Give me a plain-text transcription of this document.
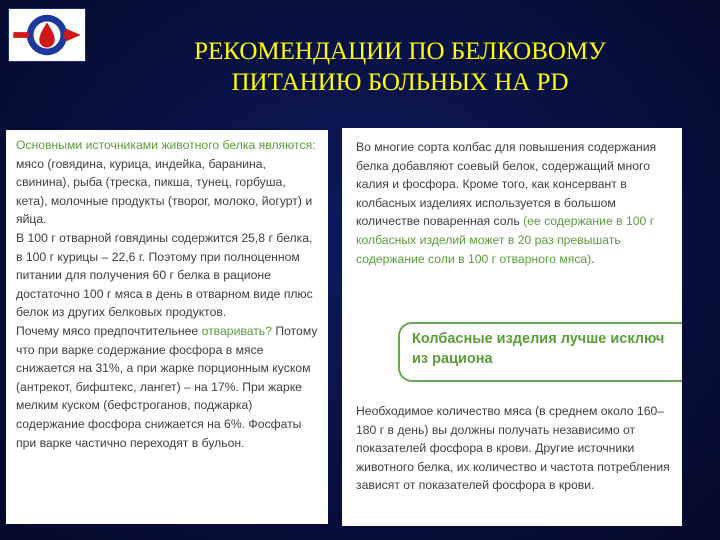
РЕКОМЕНДАЦИИ ПО БЕЛКОВОМУ
ПИТАНИЮ БОЛЬНЫХ НА PD
Основными источниками животного белка являются: мясо (говядина, курица, индейка, баранина, свинина), рыба (треска, пикша, тунец, горбуша, кета), молочные продукты (творог, молоко, йогурт) и яйца.
В 100 г отварной говядины содержится 25,8 г белка, в 100 г курицы – 22,6 г. Поэтому при полноценном питании для получения 60 г белка в рационе достаточно 100 г мяса в день в отварном виде плюс белок из других белковых продуктов.
Почему мясо предпочтительнее отваривать? Потому что при варке содержание фосфора в мясе снижается на 31%, а при жарке порционным куском (антрекот, бифштекс, лангет) – на 17%. При жарке мелким куском (бефстроганов, поджарка) содержание фосфора снижается на 6%. Фосфаты при варке частично переходят в бульон.
Во многие сорта колбас для повышения содержания белка добавляют соевый белок, содержащий много калия и фосфора. Кроме того, как консервант в колбасных изделиях используется в большом количестве поваренная соль (ее содержание в 100 г колбасных изделий может в 20 раз превышать содержание соли в 100 г отварного мяса).
Колбасные изделия лучше исключ
из рациона
Необходимое количество мяса (в среднем около 160–180 г в день) вы должны получать независимо от показателей фосфора в крови. Другие источники животного белка, их количество и частота потребления зависят от показателей фосфора в крови.
